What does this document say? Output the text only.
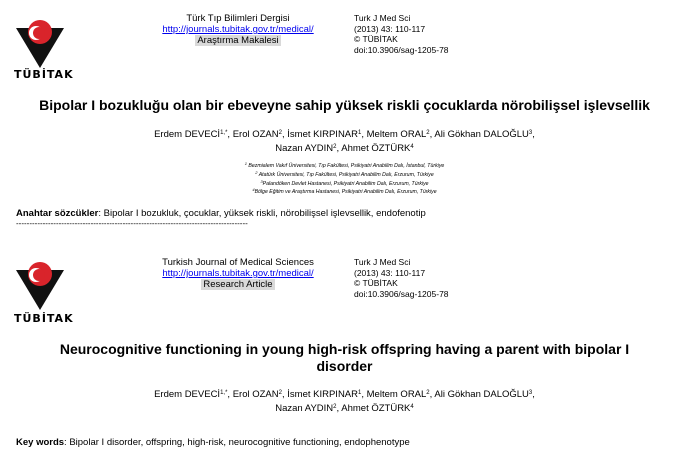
TÜBİTAK
Türk Tıp Bilimleri Dergisi
http://journals.tubitak.gov.tr/medical/
Araştırma Makalesi
Turk J Med Sci
(2013) 43: 110-117
© TÜBİTAK
doi:10.3906/sag-1205-78
Bipolar I bozukluğu olan bir ebeveyne sahip yüksek riskli çocuklarda nörobilişsel işlevsellik
Erdem $DEVECİ^{1,*}$, Erol OZAN$^2$, İsmet KIRPINAR$^1$, Meltem ORAL$^2$, Ali Gökhan DALOĞLU$^3$,
Nazan AYDIN$^2$, Ahmet ÖZTÜRK$^4$
$^1$ Bezmialem Vakıf Üniversitesi, Tıp Fakültesi, Psikiyatri Anabilim Dalı, İstanbul, Türkiye
$^2$ Atatürk Üniversitesi, Tıp Fakültesi, Psikiyatri Anabilim Dalı, Erzurum, Türkiye
$^3$Palandöken Devlet Hastanesi, Psikiyatri Anabilim Dalı, Erzurum, Türkiye
$^4$Bölge Eğitim ve Araştırma Hastanesi, Psikiyatri Anabilim Dalı, Erzurum, Türkiye
Anahtar sözcükler: Bipolar I bozukluk, çocuklar, yüksek riskli, nörobilişsel işlevsellik, endofenotip
---------------------------------------------------------------------------------------
TÜBİTAK
Turkish Journal of Medical Sciences
http://journals.tubitak.gov.tr/medical/
Research Article
Turk J Med Sci
(2013) 43: 110-117
© TÜBİTAK
doi:10.3906/sag-1205-78
Neurocognitive functioning in young high-risk offspring having a parent with bipolar I
disorder
Erdem $DEVECİ^{1,*}$, Erol OZAN$^2$, İsmet KIRPINAR$^1$, Meltem ORAL$^2$, Ali Gökhan DALOĞLU$^3$,
Nazan AYDIN$^2$, Ahmet ÖZTÜRK$^4$
Key words: Bipolar I disorder, offspring, high-risk, neurocognitive functioning, endophenotype
